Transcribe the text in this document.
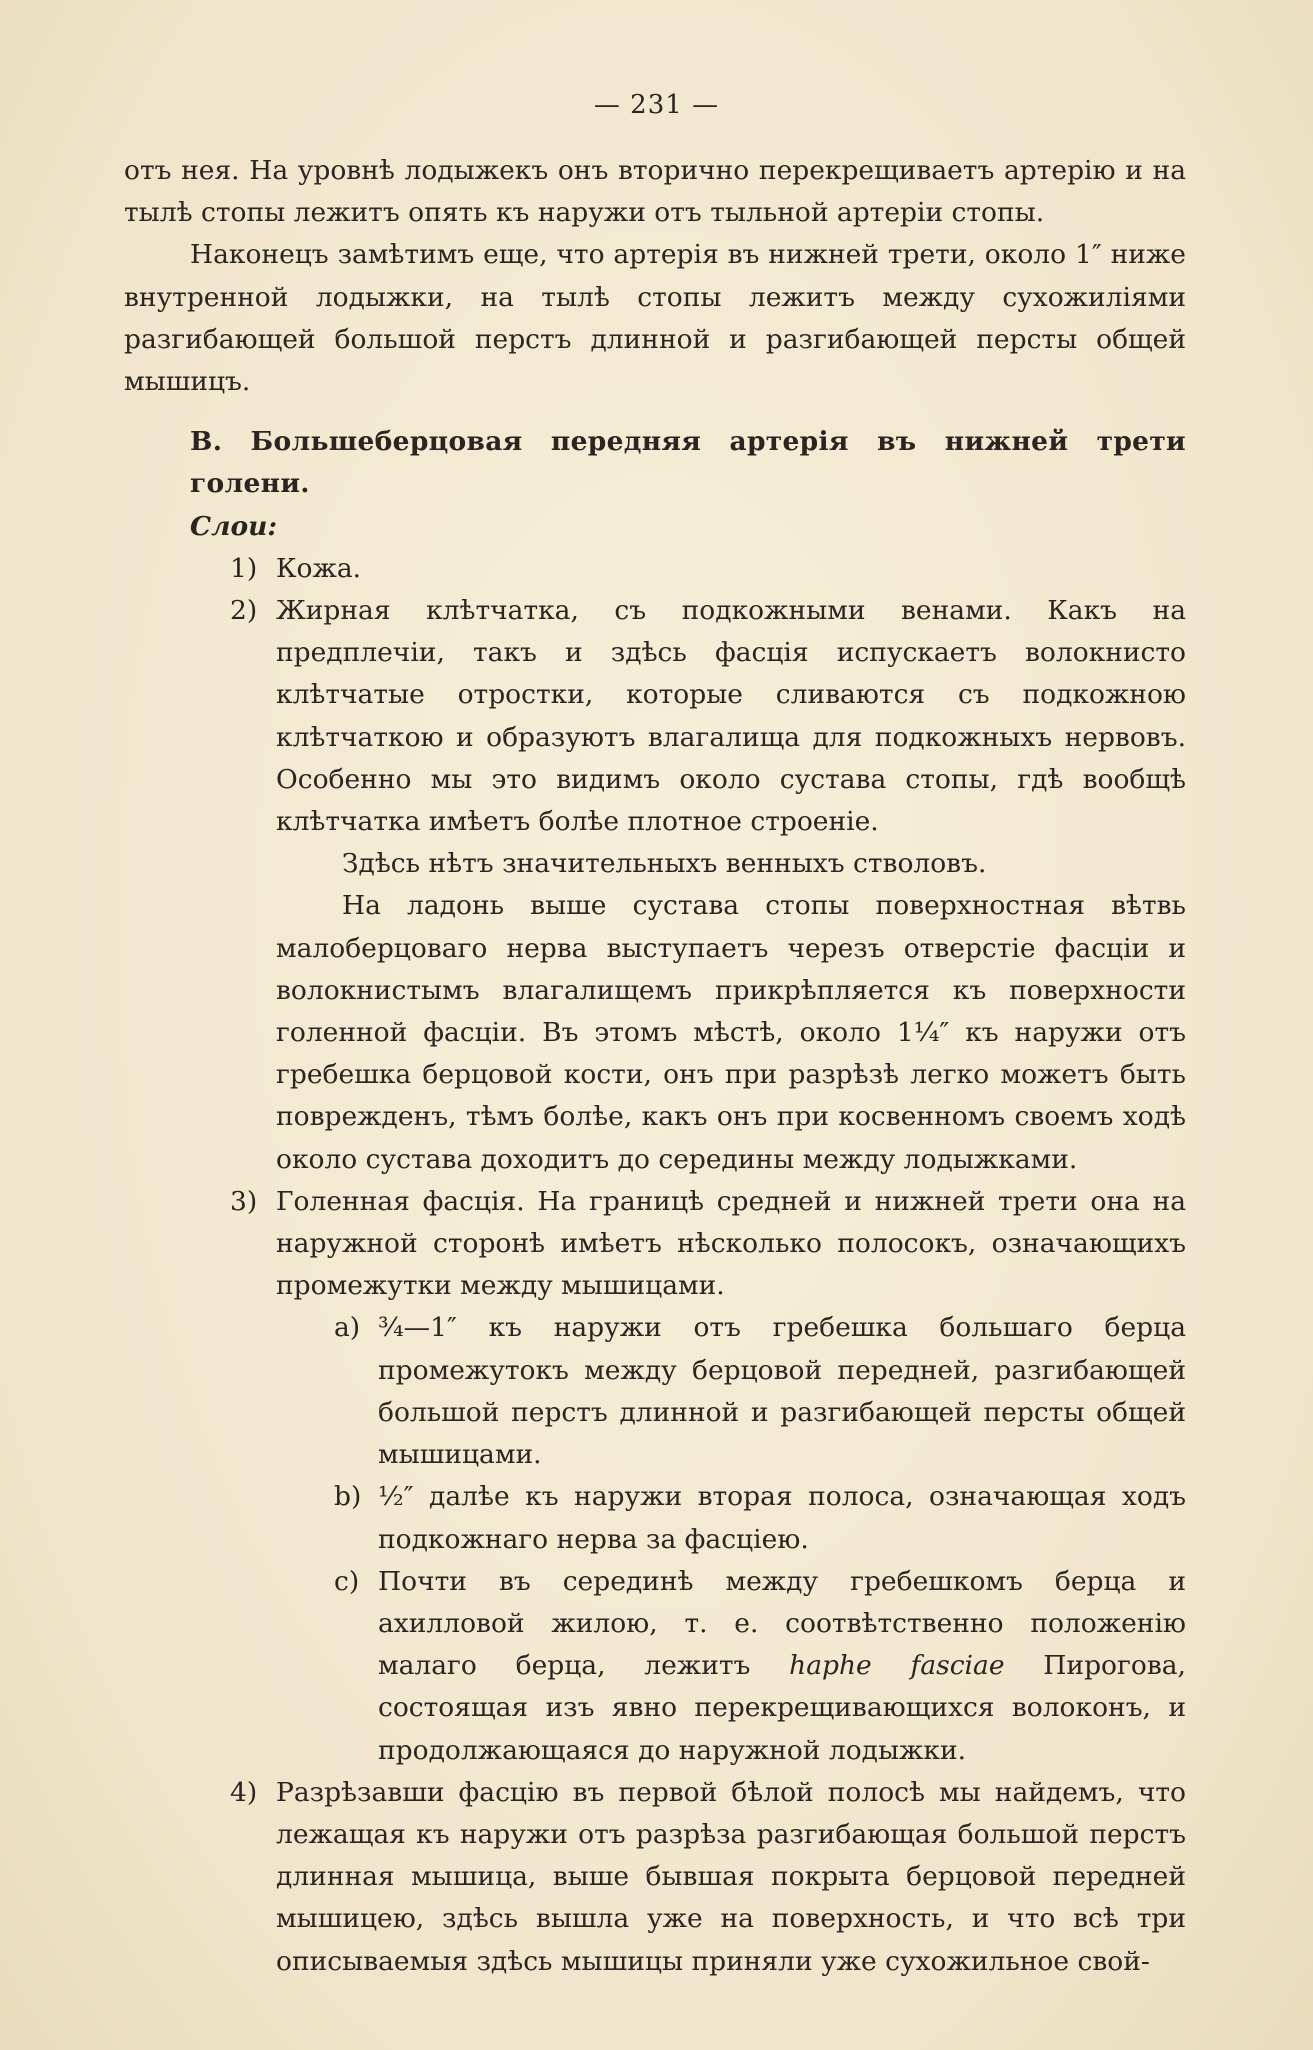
— 231 —

отъ нея. На уровнѣ лодыжекъ онъ вторично перекрещиваетъ артерію и на тылѣ стопы лежитъ опять къ наружи отъ тыльной артеріи стопы.

Наконецъ замѣтимъ еще, что артерія въ нижней трети, около 1″ ниже внутренной лодыжки, на тылѣ стопы лежитъ между сухожиліями разгибающей большой перстъ длинной и разгибающей персты общей мышицъ.

B. Большеберцовая передняя артерія въ нижней трети голени.

Слои:

1) Кожа.
2) Жирная клѣтчатка, съ подкожными венами. Какъ на предплечіи, такъ и здѣсь фасція испускаетъ волокнисто клѣтчатые отростки, которые сливаются съ подкожною клѣтчаткою и образуютъ влагалища для подкожныхъ нервовъ. Особенно мы это видимъ около сустава стопы, гдѣ вообщѣ клѣтчатка имѣетъ болѣе плотное строеніе.

Здѣсь нѣтъ значительныхъ венныхъ стволовъ.

На ладонь выше сустава стопы поверхностная вѣтвь малоберцоваго нерва выступаетъ черезъ отверстіе фасціи и волокнистымъ влагалищемъ прикрѣпляется къ поверхности голенной фасціи. Въ этомъ мѣстѣ, около 1¼″ къ наружи отъ гребешка берцовой кости, онъ при разрѣзѣ легко можетъ быть поврежденъ, тѣмъ болѣе, какъ онъ при косвенномъ своемъ ходѣ около сустава доходитъ до середины между лодыжками.

3) Голенная фасція. На границѣ средней и нижней трети она на наружной сторонѣ имѣетъ нѣсколько полосокъ, означающихъ промежутки между мышицами.
a) ¾—1″ къ наружи отъ гребешка большаго берца промежутокъ между берцовой передней, разгибающей большой перстъ длинной и разгибающей персты общей мышицами.
b) ½″ далѣе къ наружи вторая полоса, означающая ходъ подкожнаго нерва за фасціею.
c) Почти въ серединѣ между гребешкомъ берца и ахилловой жилою, т. е. соотвѣтственно положенію малаго берца, лежитъ haphe fasciae Пирогова, состоящая изъ явно перекрещивающихся волоконъ, и продолжающаяся до наружной лодыжки.
4) Разрѣзавши фасцію въ первой бѣлой полосѣ мы найдемъ, что лежащая къ наружи отъ разрѣза разгибающая большой перстъ длинная мышица, выше бывшая покрыта берцовой передней мышицею, здѣсь вышла уже на поверхность, и что всѣ три описываемыя здѣсь мышицы приняли уже сухожильное свой-
